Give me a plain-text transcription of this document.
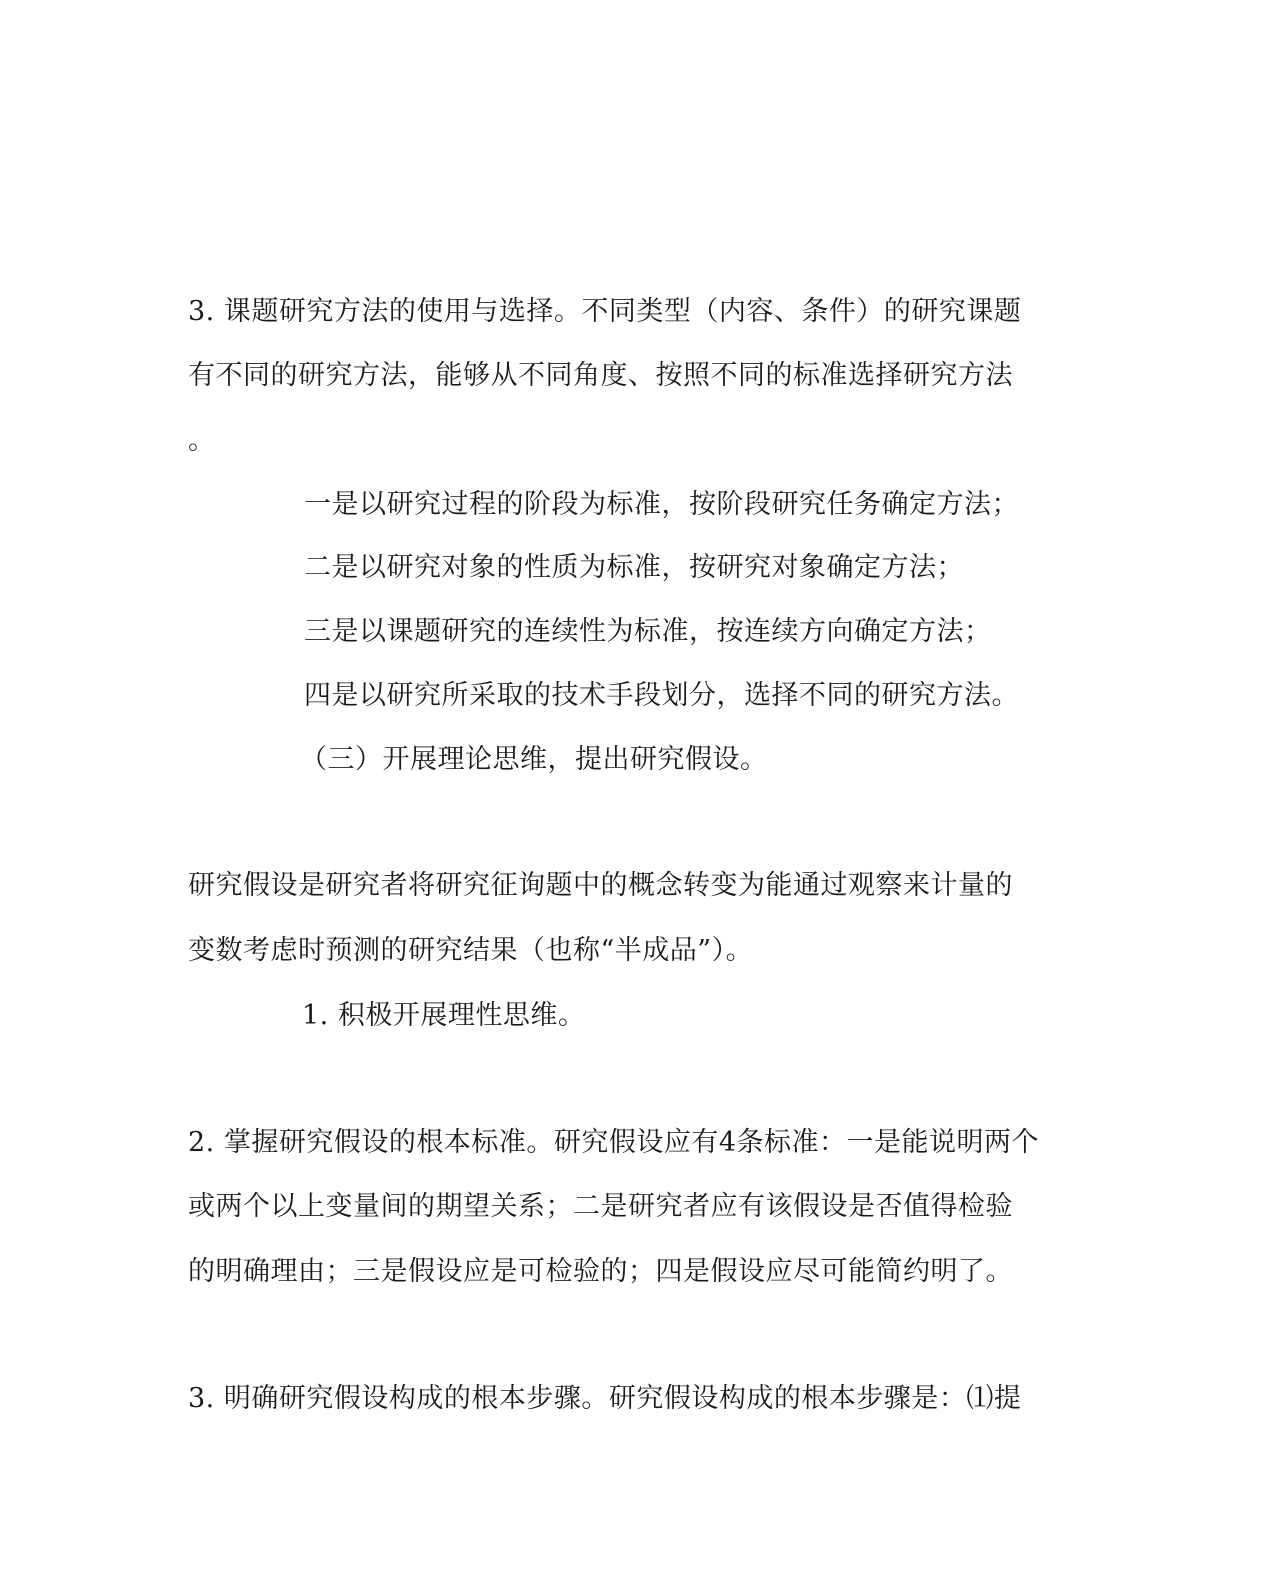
3. 课题研究方法的使用与选择。不同类型（内容、条件）的研究课题
有不同的研究方法，能够从不同角度、按照不同的标准选择研究方法
。
一是以研究过程的阶段为标准，按阶段研究任务确定方法；
二是以研究对象的性质为标准，按研究对象确定方法；
三是以课题研究的连续性为标准，按连续方向确定方法；
四是以研究所采取的技术手段划分，选择不同的研究方法。
（三）开展理论思维，提出研究假设。
研究假设是研究者将研究征询题中的概念转变为能通过观察来计量的
变数考虑时预测的研究结果（也称“半成品”）。
1. 积极开展理性思维。
2. 掌握研究假设的根本标准。研究假设应有4条标准：一是能说明两个
或两个以上变量间的期望关系；二是研究者应有该假设是否值得检验
的明确理由；三是假设应是可检验的；四是假设应尽可能简约明了。
3. 明确研究假设构成的根本步骤。研究假设构成的根本步骤是：⑴提
